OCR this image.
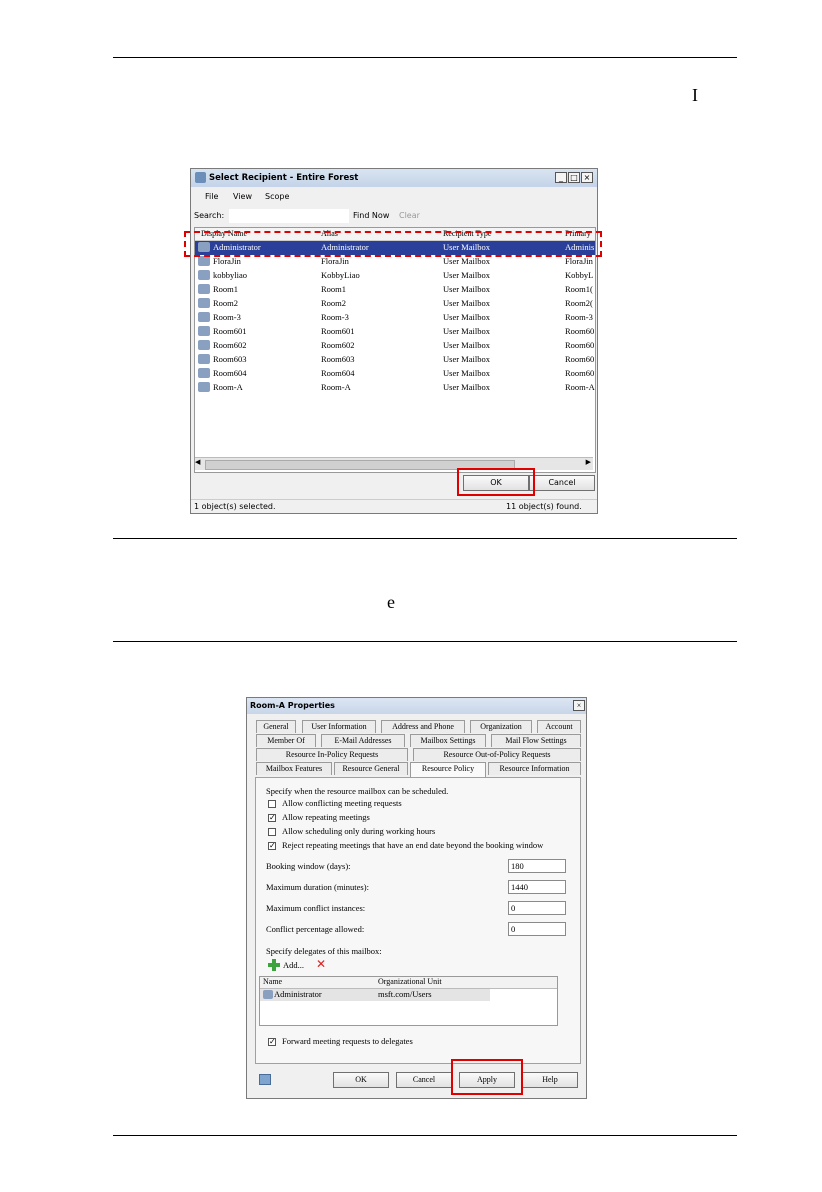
I
e
Select Recipient - Entire Forest	_ □ ×
File View Scope
Search:	Find Now Clear
Display Name	Alias	Recipient Type	Primary
Administrator	Administrator	User Mailbox	Adminis
FloraJin	FloraJin	User Mailbox	FloraJin
kobbyliao	KobbyLiao	User Mailbox	KobbyL
Room1	Room1	User Mailbox	Room1(
Room2	Room2	User Mailbox	Room2(
Room-3	Room-3	User Mailbox	Room-3
Room601	Room601	User Mailbox	Room60
Room602	Room602	User Mailbox	Room60
Room603	Room603	User Mailbox	Room60
Room604	Room604	User Mailbox	Room60
Room-A	Room-A	User Mailbox	Room-A
◀	▶
OK	Cancel
1 object(s) selected.	11 object(s) found.
Room-A Properties	×
General	User Information	Address and Phone	Organization	Account
Member Of	E-Mail Addresses	Mailbox Settings	Mail Flow Settings
Resource In-Policy Requests	Resource Out-of-Policy Requests
Mailbox Features	Resource General	Resource Policy	Resource Information
Specify when the resource mailbox can be scheduled.
Allow conflicting meeting requests
✓ Allow repeating meetings
Allow scheduling only during working hours
✓ Reject repeating meetings that have an end date beyond the booking window
Booking window (days):	180
Maximum duration (minutes):	1440
Maximum conflict instances:	0
Conflict percentage allowed:	0
Specify delegates of this mailbox:
Add... ✕
Name	Organizational Unit
Administrator	msft.com/Users
✓ Forward meeting requests to delegates
OK	Cancel	Apply	Help
